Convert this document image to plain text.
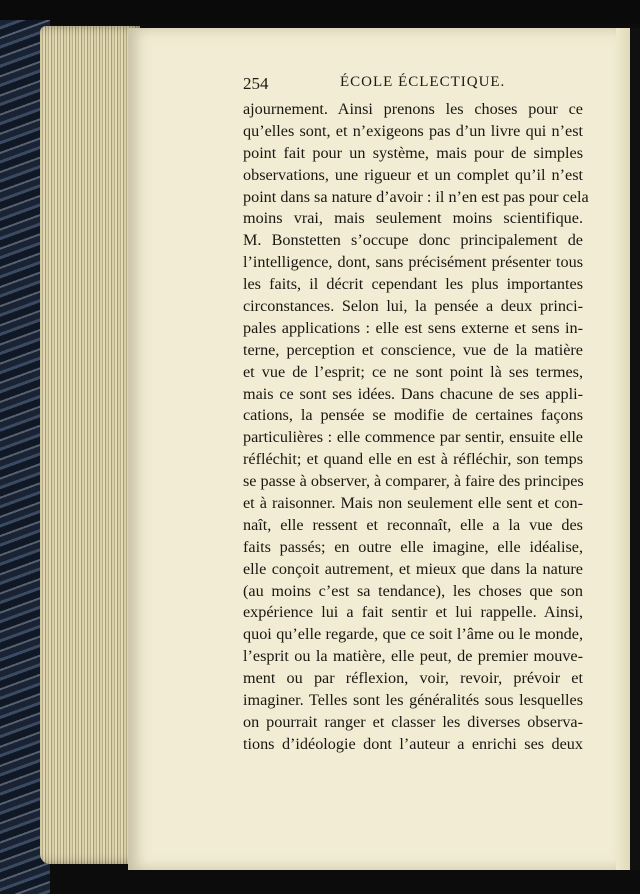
254	ÉCOLE ÉCLECTIQUE.
ajournement. Ainsi prenons les choses pour ce
qu’elles sont, et n’exigeons pas d’un livre qui n’est
point fait pour un système, mais pour de simples
observations, une rigueur et un complet qu’il n’est
point dans sa nature d’avoir : il n’en est pas pour cela
moins vrai, mais seulement moins scientifique.
M. Bonstetten s’occupe donc principalement de
l’intelligence, dont, sans précisément présenter tous
les faits, il décrit cependant les plus importantes
circonstances. Selon lui, la pensée a deux princi-
pales applications : elle est sens externe et sens in-
terne, perception et conscience, vue de la matière
et vue de l’esprit; ce ne sont point là ses termes,
mais ce sont ses idées. Dans chacune de ses appli-
cations, la pensée se modifie de certaines façons
particulières : elle commence par sentir, ensuite elle
réfléchit; et quand elle en est à réfléchir, son temps
se passe à observer, à comparer, à faire des principes
et à raisonner. Mais non seulement elle sent et con-
naît, elle ressent et reconnaît, elle a la vue des
faits passés; en outre elle imagine, elle idéalise,
elle conçoit autrement, et mieux que dans la nature
(au moins c’est sa tendance), les choses que son
expérience lui a fait sentir et lui rappelle. Ainsi,
quoi qu’elle regarde, que ce soit l’âme ou le monde,
l’esprit ou la matière, elle peut, de premier mouve-
ment ou par réflexion, voir, revoir, prévoir et
imaginer. Telles sont les généralités sous lesquelles
on pourrait ranger et classer les diverses observa-
tions d’idéologie dont l’auteur a enrichi ses deux
